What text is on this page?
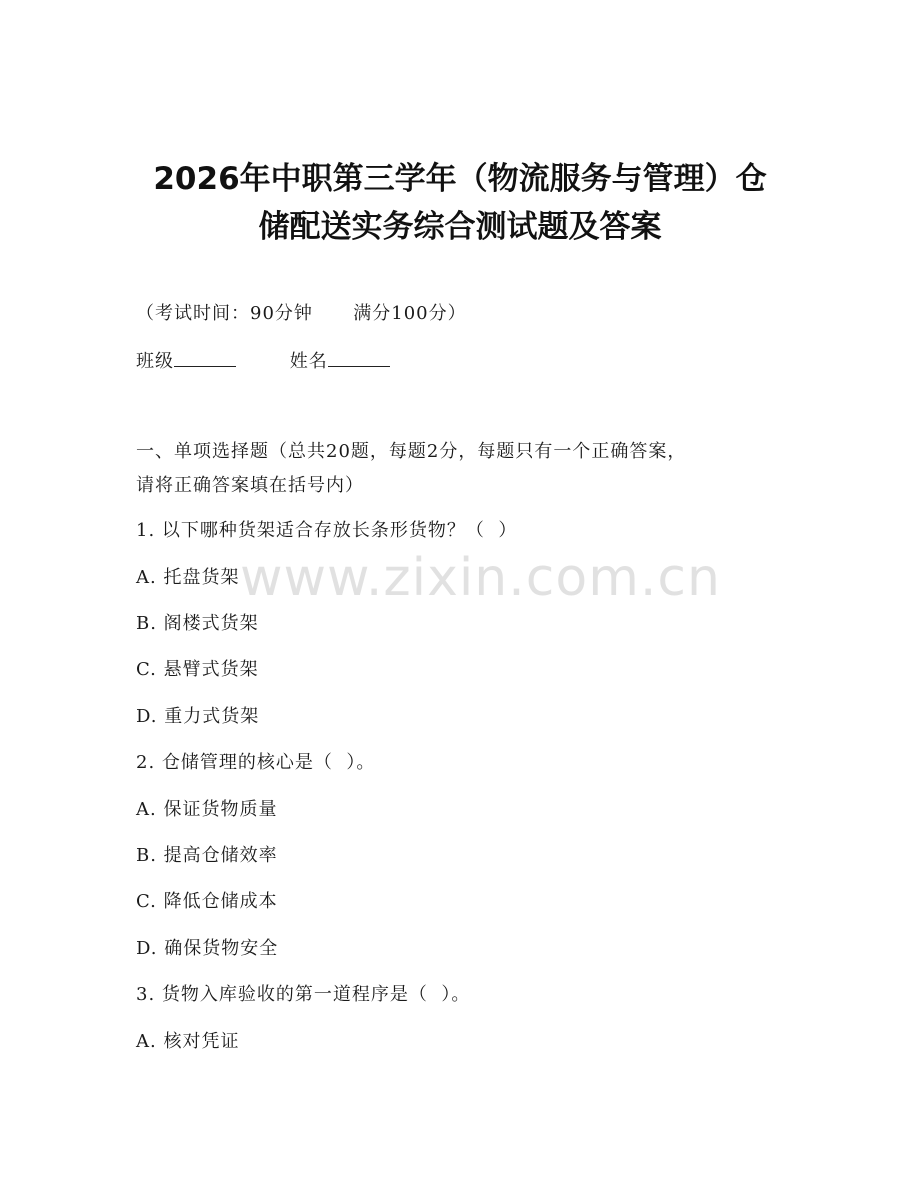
2026年中职第三学年（物流服务与管理）仓
储配送实务综合测试题及答案
（考试时间：90分钟 满分100分）
班级	姓名
一、单项选择题（总共20题，每题2分，每题只有一个正确答案，
请将正确答案填在括号内）
1. 以下哪种货架适合存放长条形货物？（  ）
A. 托盘货架
B. 阁楼式货架
C. 悬臂式货架
D. 重力式货架
2. 仓储管理的核心是（  ）。
A. 保证货物质量
B. 提高仓储效率
C. 降低仓储成本
D. 确保货物安全
3. 货物入库验收的第一道程序是（  ）。
A. 核对凭证
www.zixin.com.cn
